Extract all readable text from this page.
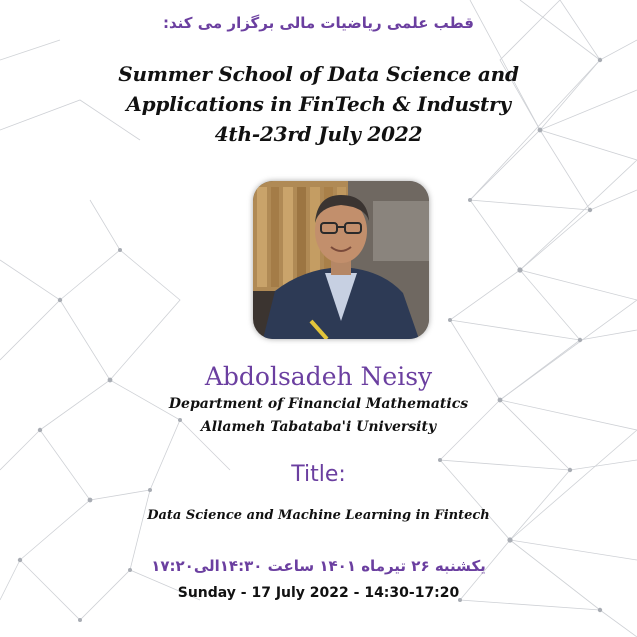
قطب علمی ریاضیات مالی برگزار می کند:
Summer School of Data Science and
Applications in FinTech & Industry
4th-23rd July 2022
Abdolsadeh Neisy
Department of Financial Mathematics
Allameh Tabataba'i University
Title:
Data Science and Machine Learning in Fintech
یکشنبه ۲۶ تیرماه ۱۴۰۱ ساعت ۱۴:۳۰الی۱۷:۲۰
Sunday - 17 July 2022 - 14:30-17:20
